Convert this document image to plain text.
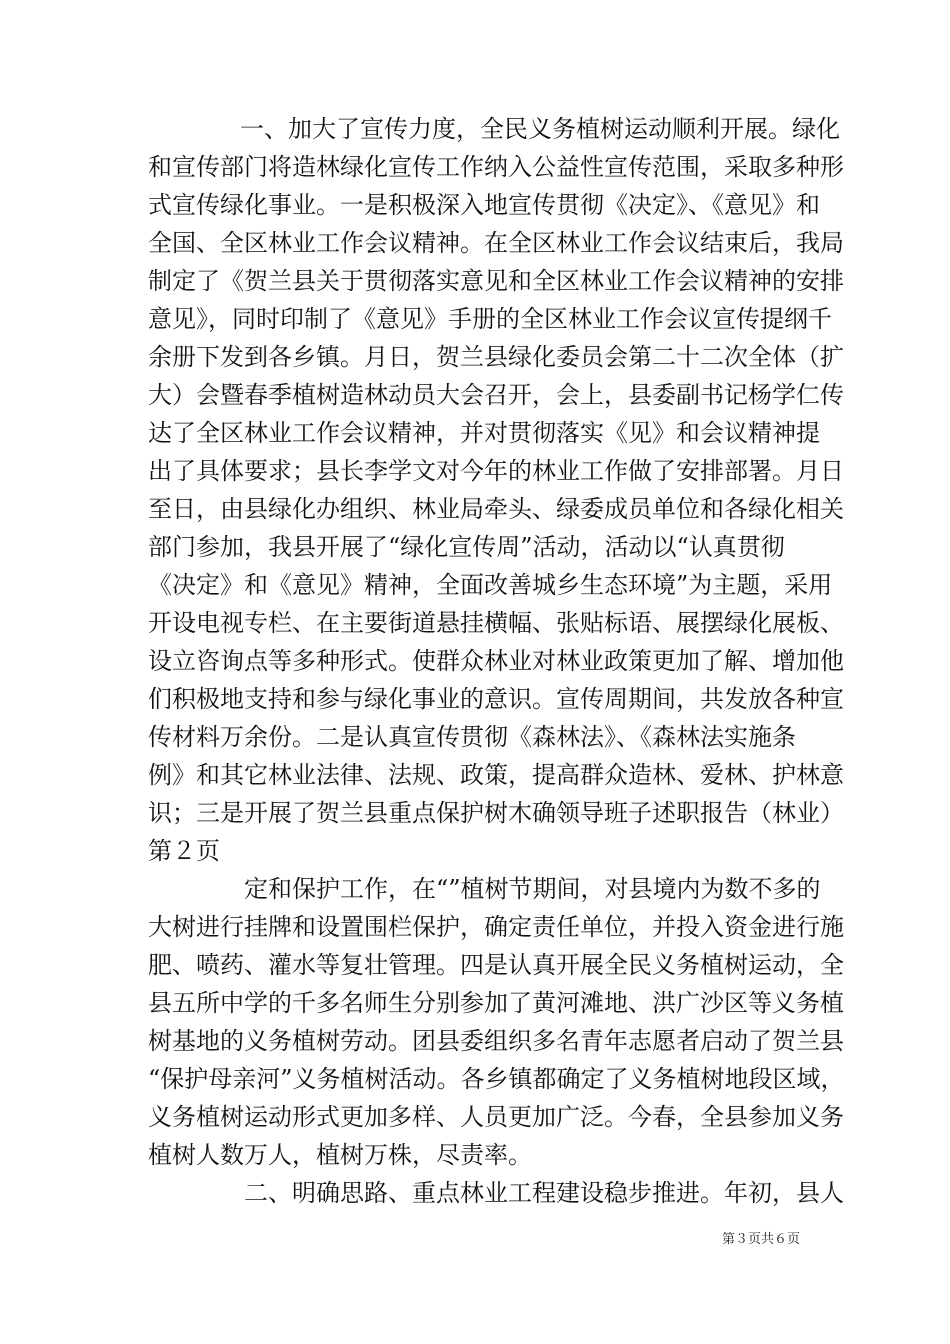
一、加大了宣传力度，全民义务植树运动顺利开展。绿化

和宣传部门将造林绿化宣传工作纳入公益性宣传范围，采取多种形

式宣传绿化事业。一是积极深入地宣传贯彻《决定》、《意见》和

全国、全区林业工作会议精神。在全区林业工作会议结束后，我局

制定了《贺兰县关于贯彻落实意见和全区林业工作会议精神的安排

意见》，同时印制了《意见》手册的全区林业工作会议宣传提纲千

余册下发到各乡镇。月日，贺兰县绿化委员会第二十二次全体（扩

大）会暨春季植树造林动员大会召开，会上，县委副书记杨学仁传

达了全区林业工作会议精神，并对贯彻落实《见》和会议精神提

出了具体要求；县长李学文对今年的林业工作做了安排部署。月日

至日，由县绿化办组织、林业局牵头、绿委成员单位和各绿化相关

部门参加，我县开展了“绿化宣传周”活动，活动以“认真贯彻

《决定》和《意见》精神，全面改善城乡生态环境”为主题，采用

开设电视专栏、在主要街道悬挂横幅、张贴标语、展摆绿化展板、

设立咨询点等多种形式。使群众林业对林业政策更加了解、增加他

们积极地支持和参与绿化事业的意识。宣传周期间，共发放各种宣

传材料万余份。二是认真宣传贯彻《森林法》、《森林法实施条

例》和其它林业法律、法规、政策，提高群众造林、爱林、护林意

识；三是开展了贺兰县重点保护树木确领导班子述职报告（林业）

第２页

定和保护工作，在“”植树节期间，对县境内为数不多的

大树进行挂牌和设置围栏保护，确定责任单位，并投入资金进行施

肥、喷药、灌水等复壮管理。四是认真开展全民义务植树运动，全

县五所中学的千多名师生分别参加了黄河滩地、洪广沙区等义务植

树基地的义务植树劳动。团县委组织多名青年志愿者启动了贺兰县

“保护母亲河”义务植树活动。各乡镇都确定了义务植树地段区域，

义务植树运动形式更加多样、人员更加广泛。今春，全县参加义务

植树人数万人，植树万株，尽责率。

二、明确思路、重点林业工程建设稳步推进。年初，县人

第３页共６页
